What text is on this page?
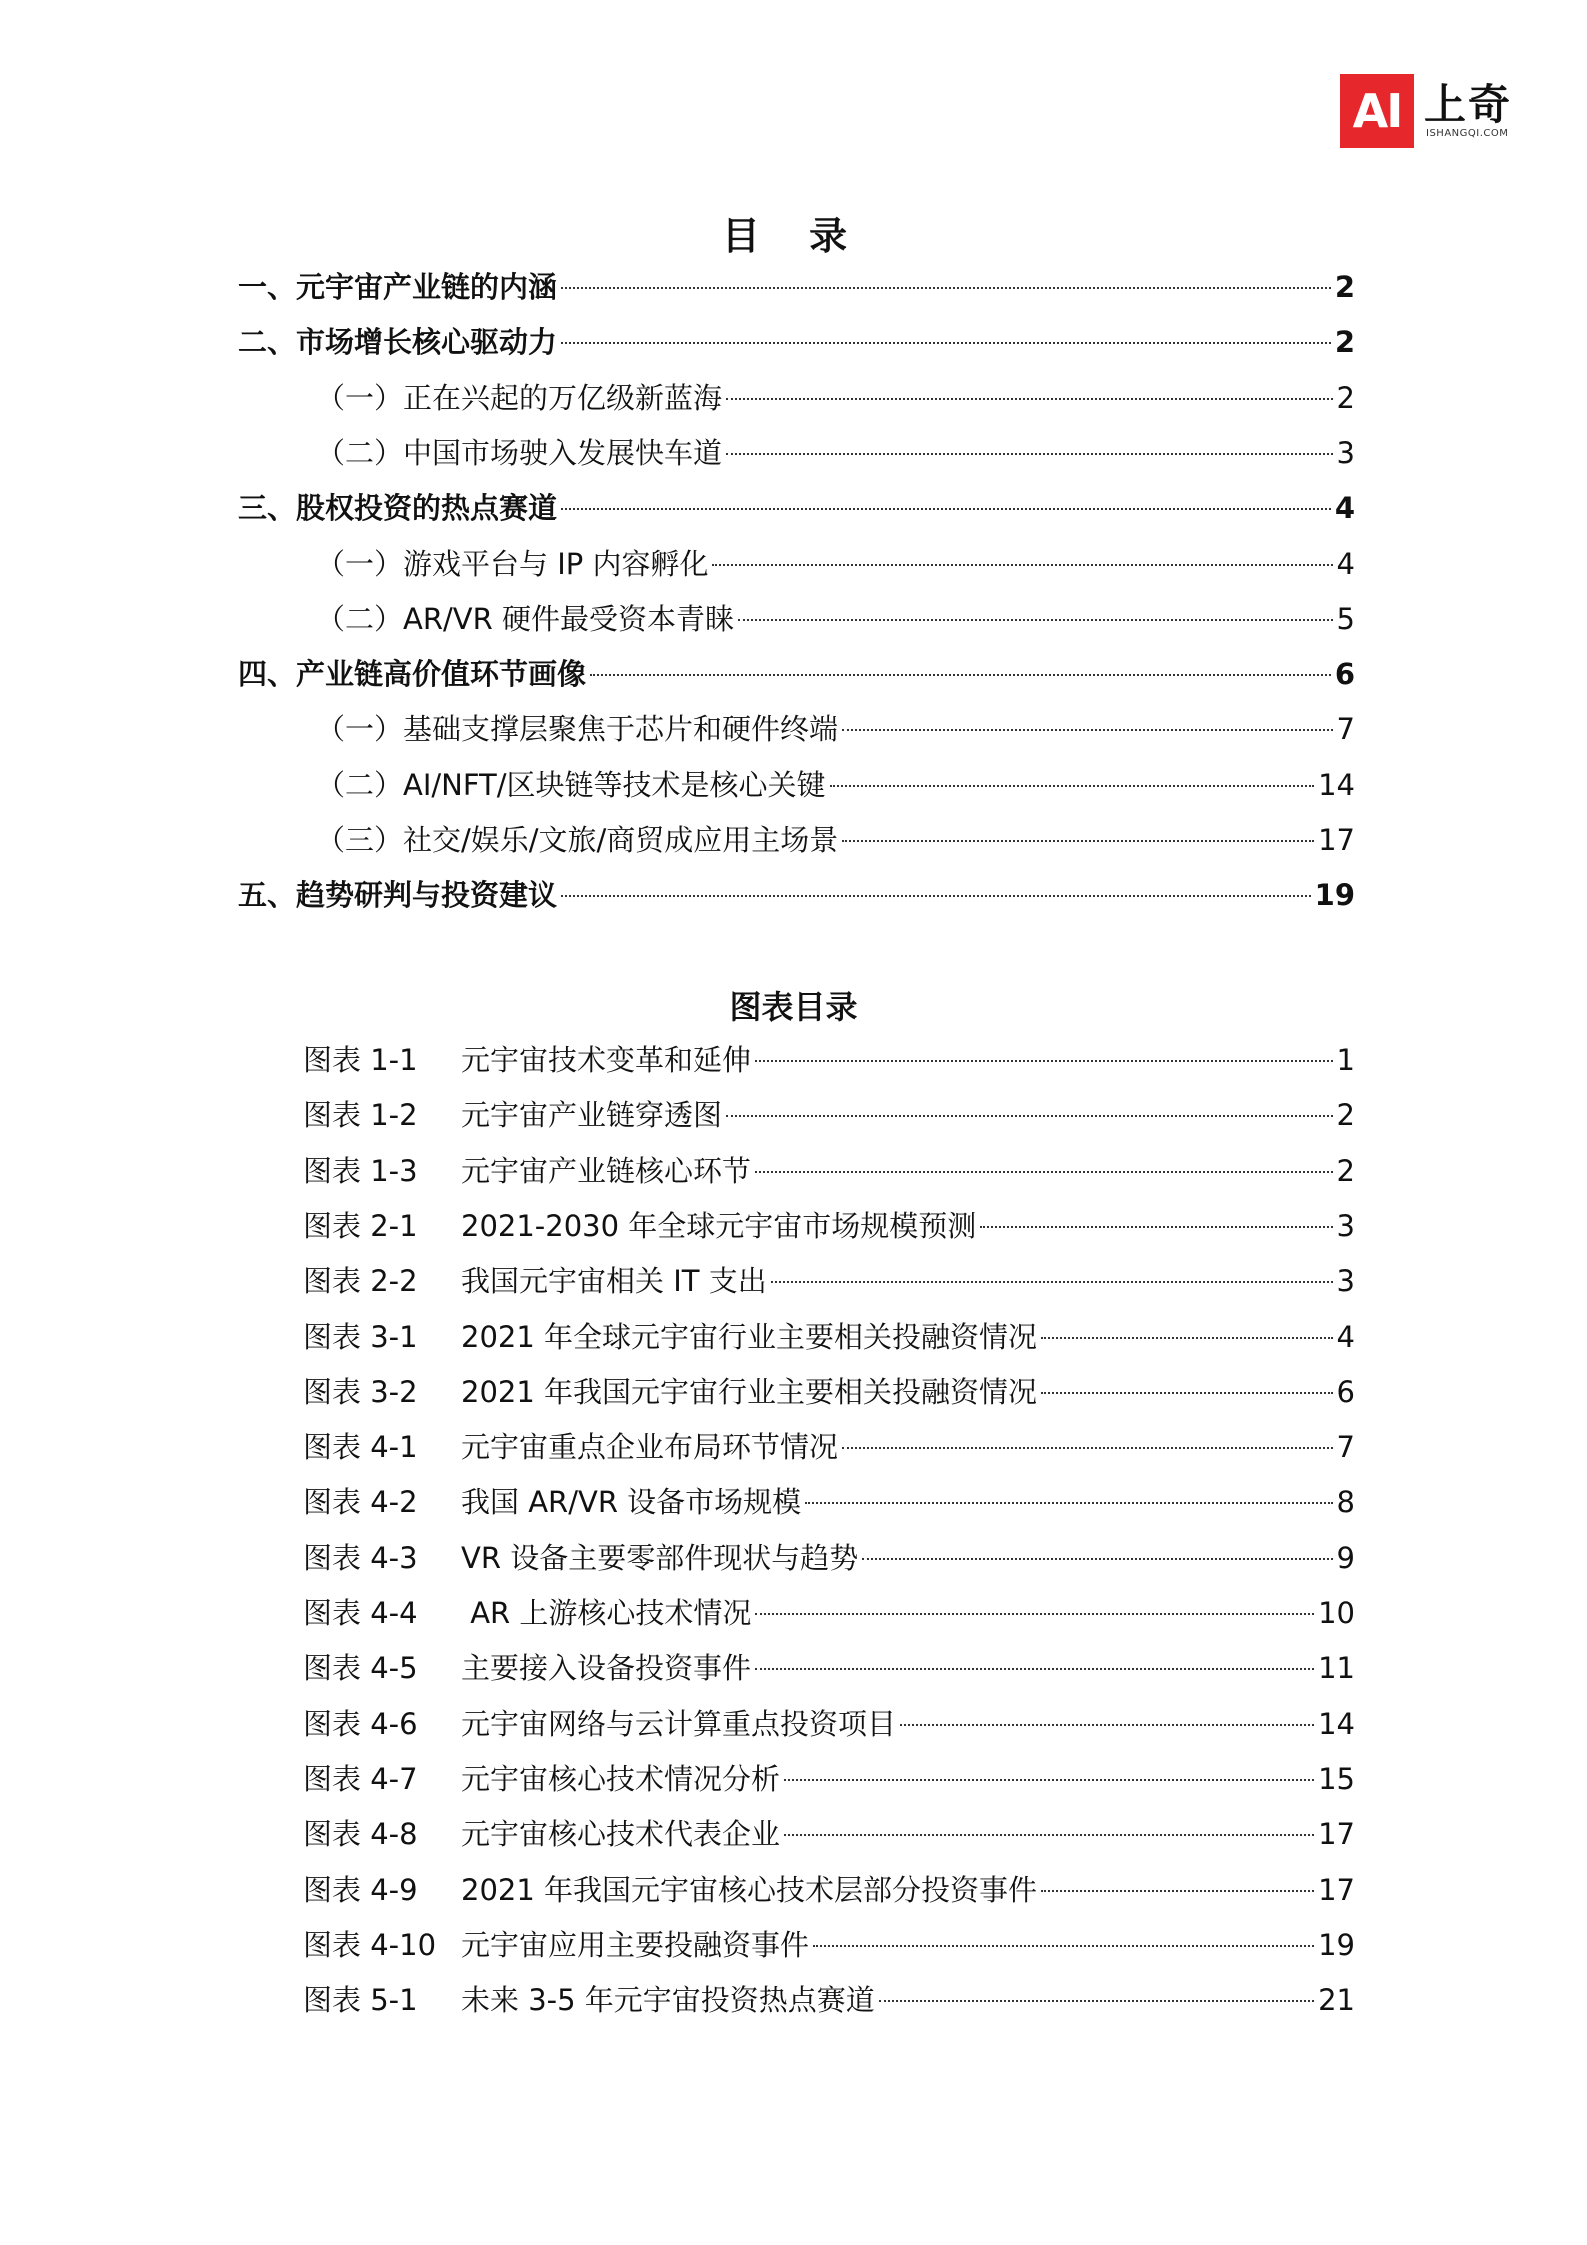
AI 上奇
ISHANGQI.COM
目 录
一、元宇宙产业链的内涵	2
二、市场增长核心驱动力	2
（一）正在兴起的万亿级新蓝海	2
（二）中国市场驶入发展快车道	3
三、股权投资的热点赛道	4
（一）游戏平台与 IP 内容孵化	4
（二）AR/VR 硬件最受资本青睐	5
四、产业链高价值环节画像	6
（一）基础支撑层聚焦于芯片和硬件终端	7
（二）AI/NFT/区块链等技术是核心关键	14
（三）社交/娱乐/文旅/商贸成应用主场景	17
五、趋势研判与投资建议	19
图表目录
图表 1-1	元宇宙技术变革和延伸	1
图表 1-2	元宇宙产业链穿透图	2
图表 1-3	元宇宙产业链核心环节	2
图表 2-1	2021-2030 年全球元宇宙市场规模预测	3
图表 2-2	我国元宇宙相关 IT 支出	3
图表 3-1	2021 年全球元宇宙行业主要相关投融资情况	4
图表 3-2	2021 年我国元宇宙行业主要相关投融资情况	6
图表 4-1	元宇宙重点企业布局环节情况	7
图表 4-2	我国 AR/VR 设备市场规模	8
图表 4-3	VR 设备主要零部件现状与趋势	9
图表 4-4	AR 上游核心技术情况	10
图表 4-5	主要接入设备投资事件	11
图表 4-6	元宇宙网络与云计算重点投资项目	14
图表 4-7	元宇宙核心技术情况分析	15
图表 4-8	元宇宙核心技术代表企业	17
图表 4-9	2021 年我国元宇宙核心技术层部分投资事件	17
图表 4-10 元宇宙应用主要投融资事件	19
图表 5-1	未来 3-5 年元宇宙投资热点赛道	21
